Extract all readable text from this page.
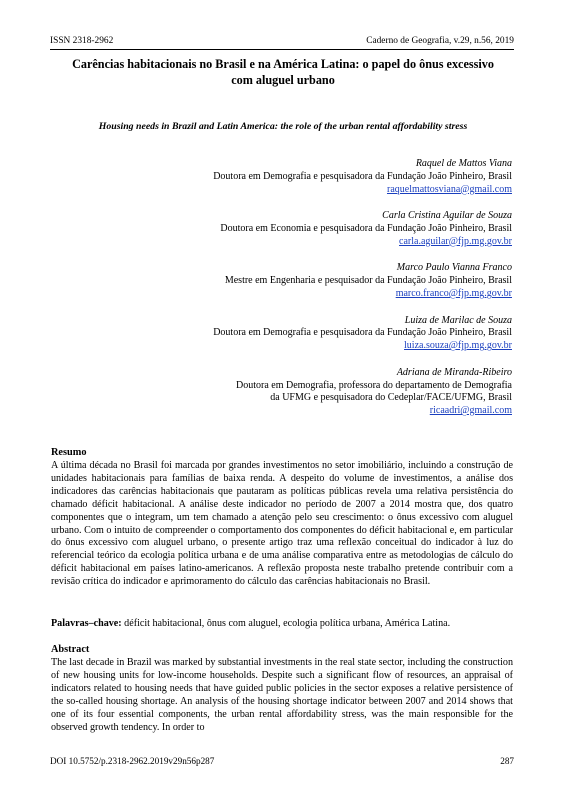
ISSN 2318-2962	Caderno de Geografia, v.29, n.56, 2019
Carências habitacionais no Brasil e na América Latina: o papel do ônus excessivo com aluguel urbano
Housing needs in Brazil and Latin America: the role of the urban rental affordability stress
Raquel de Mattos Viana
Doutora em Demografia e pesquisadora da Fundação João Pinheiro, Brasil
raquelmattosviana@gmail.com
Carla Cristina Aguilar de Souza
Doutora em Economia e pesquisadora da Fundação João Pinheiro, Brasil
carla.aguilar@fjp.mg.gov.br
Marco Paulo Vianna Franco
Mestre em Engenharia e pesquisador da Fundação João Pinheiro, Brasil
marco.franco@fjp.mg.gov.br
Luiza de Marilac de Souza
Doutora em Demografia e pesquisadora da Fundação João Pinheiro, Brasil
luiza.souza@fjp.mg.gov.br
Adriana de Miranda-Ribeiro
Doutora em Demografia, professora do departamento de Demografia
da UFMG e pesquisadora do Cedeplar/FACE/UFMG, Brasil
ricaadri@gmail.com
Resumo
A última década no Brasil foi marcada por grandes investimentos no setor imobiliário, incluindo a construção de unidades habitacionais para famílias de baixa renda. A despeito do volume de investimentos, a análise dos indicadores das carências habitacionais que pautaram as políticas públicas revela uma relativa persistência do chamado déficit habitacional. A análise deste indicador no período de 2007 a 2014 mostra que, dos quatro componentes que o integram, um tem chamado a atenção pelo seu crescimento: o ônus excessivo com aluguel urbano. Com o intuito de compreender o comportamento dos componentes do déficit habitacional e, em particular do ônus excessivo com aluguel urbano, o presente artigo traz uma reflexão conceitual do indicador à luz do referencial teórico da ecologia política urbana e de uma análise comparativa entre as metodologias de cálculo do déficit habitacional em países latino-americanos. A reflexão proposta neste trabalho pretende contribuir com a revisão crítica do indicador e aprimoramento do cálculo das carências habitacionais no Brasil.
Palavras–chave: déficit habitacional, ônus com aluguel, ecologia política urbana, América Latina.
Abstract
The last decade in Brazil was marked by substantial investments in the real state sector, including the construction of new housing units for low-income households. Despite such a significant flow of resources, an appraisal of indicators related to housing needs that have guided public policies in the sector exposes a relative persistence of the so-called housing shortage. An analysis of the housing shortage indicator between 2007 and 2014 shows that one of its four essential components, the urban rental affordability stress, was the main responsible for the observed growth tendency. In order to
DOI 10.5752/p.2318-2962.2019v29n56p287	287
